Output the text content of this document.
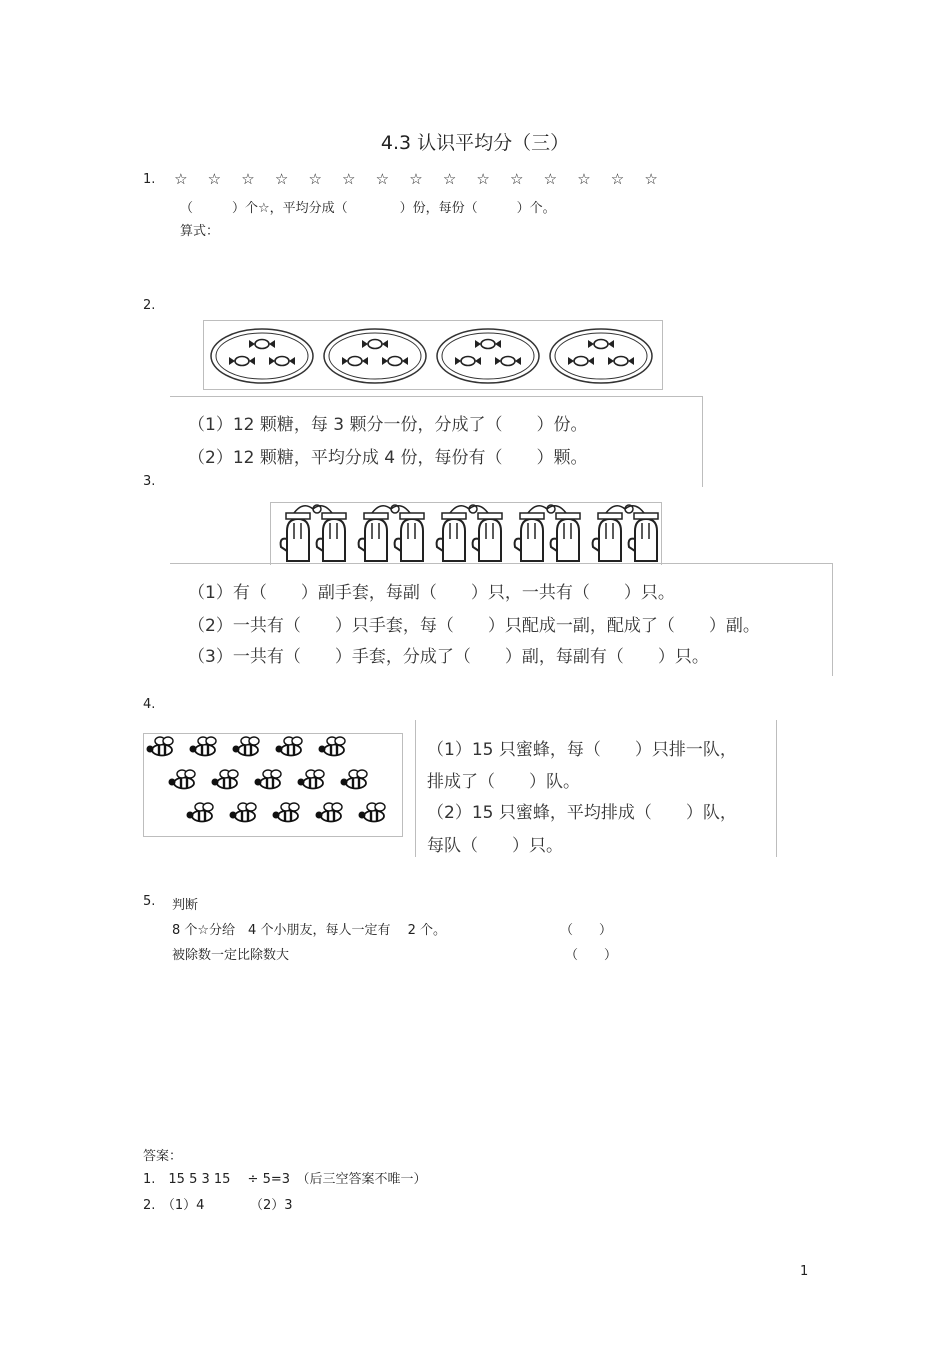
4.3 认识平均分（三）
1.	☆ ☆ ☆ ☆ ☆ ☆ ☆ ☆ ☆ ☆ ☆ ☆ ☆ ☆ ☆
（　　　）个☆，平均分成（　　　　）份，每份（　　　）个。
算式：
2.
（1）12 颗糖，每 3 颗分一份，分成了（　　）份。
（2）12 颗糖，平均分成 4 份，每份有（　　）颗。
3.
（1）有（　　）副手套，每副（　　）只，一共有（　　）只。
（2）一共有（　　）只手套，每（　　）只配成一副，配成了（　　）副。
（3）一共有（　　）手套，分成了（　　）副，每副有（　　）只。
4.
（1）15 只蜜蜂，每（　　）只排一队，
排成了（　　）队。
（2）15 只蜜蜂，平均排成（　　）队，
每队（　　）只。
5. 判断
8 个☆分给　4 个小朋友，每人一定有　 2 个。	（　　）
被除数一定比除数大	（　　）
答案：
1.　15 5 3 15　 ÷ 5=3　（后三空答案不唯一）
2.　（1）4　　　　（2）3
1
